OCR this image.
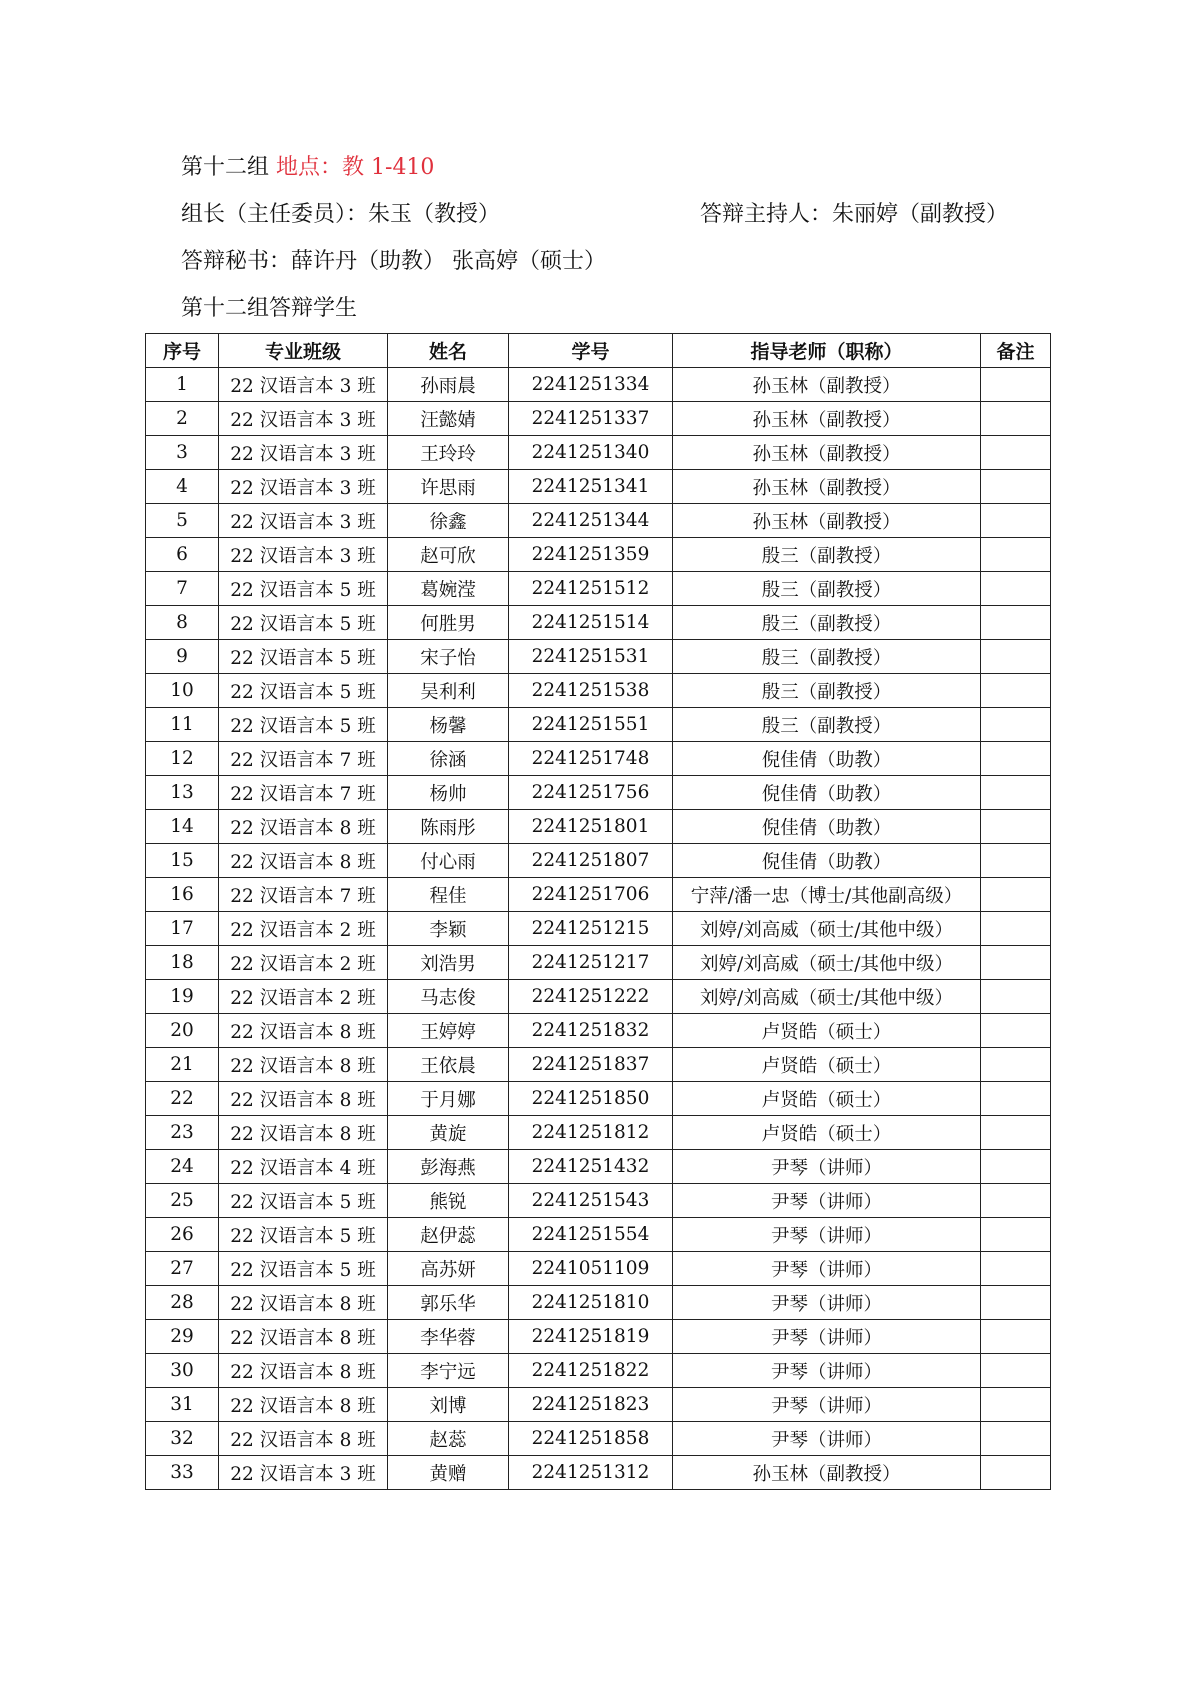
第十二组 地点：教 1-410
组长（主任委员）：朱玉（教授）	答辩主持人：朱丽婷（副教授）
答辩秘书：薛许丹（助教） 张高婷（硕士）
第十二组答辩学生
序号	专业班级	姓名	学号	指导老师（职称）	备注
1	22 汉语言本 3 班	孙雨晨	2241251334	孙玉林（副教授）	
2	22 汉语言本 3 班	汪懿婧	2241251337	孙玉林（副教授）	
3	22 汉语言本 3 班	王玲玲	2241251340	孙玉林（副教授）	
4	22 汉语言本 3 班	许思雨	2241251341	孙玉林（副教授）	
5	22 汉语言本 3 班	徐鑫	2241251344	孙玉林（副教授）	
6	22 汉语言本 3 班	赵可欣	2241251359	殷三（副教授）	
7	22 汉语言本 5 班	葛婉滢	2241251512	殷三（副教授）	
8	22 汉语言本 5 班	何胜男	2241251514	殷三（副教授）	
9	22 汉语言本 5 班	宋子怡	2241251531	殷三（副教授）	
10	22 汉语言本 5 班	吴利利	2241251538	殷三（副教授）	
11	22 汉语言本 5 班	杨馨	2241251551	殷三（副教授）	
12	22 汉语言本 7 班	徐涵	2241251748	倪佳倩（助教）	
13	22 汉语言本 7 班	杨帅	2241251756	倪佳倩（助教）	
14	22 汉语言本 8 班	陈雨彤	2241251801	倪佳倩（助教）	
15	22 汉语言本 8 班	付心雨	2241251807	倪佳倩（助教）	
16	22 汉语言本 7 班	程佳	2241251706	宁萍/潘一忠（博士/其他副高级）	
17	22 汉语言本 2 班	李颖	2241251215	刘婷/刘高威（硕士/其他中级）	
18	22 汉语言本 2 班	刘浩男	2241251217	刘婷/刘高威（硕士/其他中级）	
19	22 汉语言本 2 班	马志俊	2241251222	刘婷/刘高威（硕士/其他中级）	
20	22 汉语言本 8 班	王婷婷	2241251832	卢贤皓（硕士）	
21	22 汉语言本 8 班	王依晨	2241251837	卢贤皓（硕士）	
22	22 汉语言本 8 班	于月娜	2241251850	卢贤皓（硕士）	
23	22 汉语言本 8 班	黄旋	2241251812	卢贤皓（硕士）	
24	22 汉语言本 4 班	彭海燕	2241251432	尹琴（讲师）	
25	22 汉语言本 5 班	熊锐	2241251543	尹琴（讲师）	
26	22 汉语言本 5 班	赵伊蕊	2241251554	尹琴（讲师）	
27	22 汉语言本 5 班	高苏妍	2241051109	尹琴（讲师）	
28	22 汉语言本 8 班	郭乐华	2241251810	尹琴（讲师）	
29	22 汉语言本 8 班	李华蓉	2241251819	尹琴（讲师）	
30	22 汉语言本 8 班	李宁远	2241251822	尹琴（讲师）	
31	22 汉语言本 8 班	刘博	2241251823	尹琴（讲师）	
32	22 汉语言本 8 班	赵蕊	2241251858	尹琴（讲师）	
33	22 汉语言本 3 班	黄赠	2241251312	孙玉林（副教授）	
